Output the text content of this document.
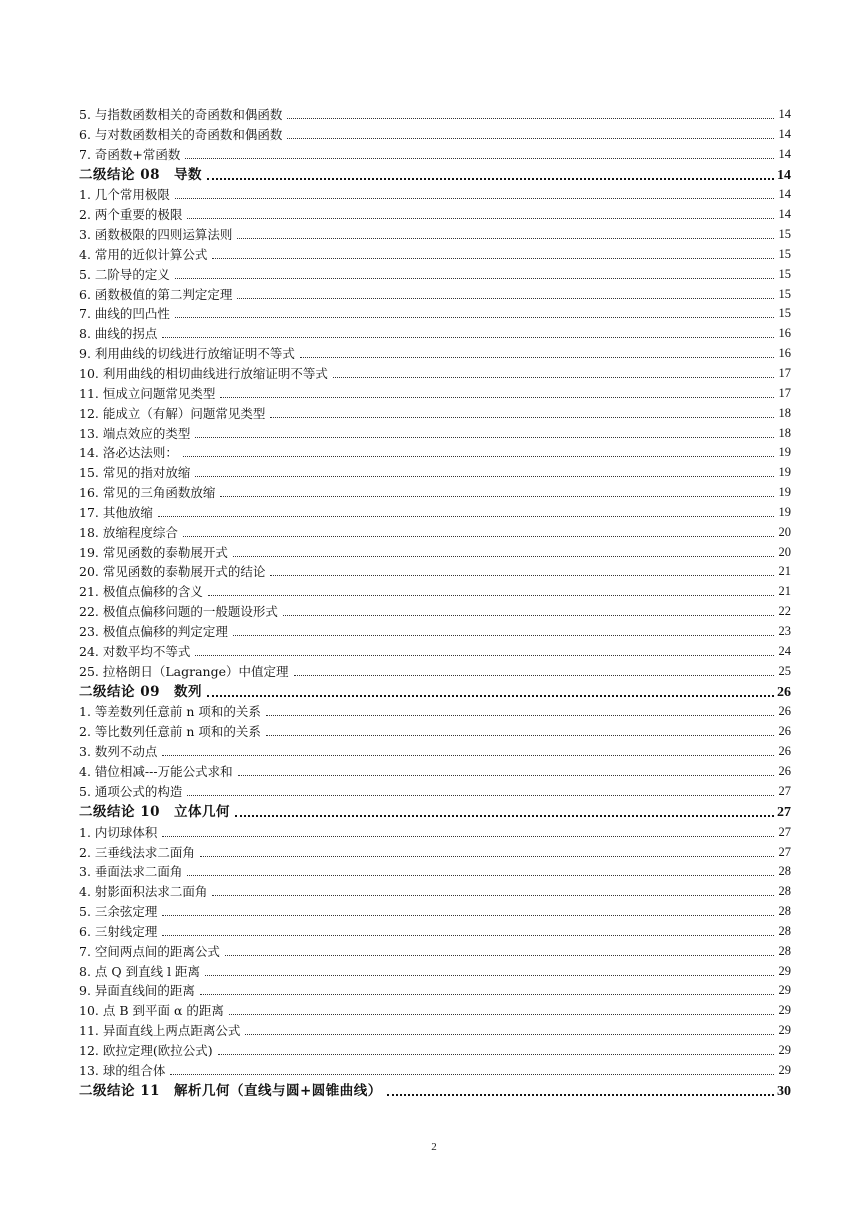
5. 与指数函数相关的奇函数和偶函数	14
6. 与对数函数相关的奇函数和偶函数	14
7. 奇函数+常函数	14
二级结论 08　导数	14
1. 几个常用极限	14
2. 两个重要的极限	14
3. 函数极限的四则运算法则	15
4. 常用的近似计算公式	15
5. 二阶导的定义	15
6. 函数极值的第二判定定理	15
7. 曲线的凹凸性	15
8. 曲线的拐点	16
9. 利用曲线的切线进行放缩证明不等式	16
10. 利用曲线的相切曲线进行放缩证明不等式	17
11. 恒成立问题常见类型	17
12. 能成立（有解）问题常见类型	18
13. 端点效应的类型	18
14. 洛必达法则：	19
15. 常见的指对放缩	19
16. 常见的三角函数放缩	19
17. 其他放缩	19
18. 放缩程度综合	20
19. 常见函数的泰勒展开式	20
20. 常见函数的泰勒展开式的结论	21
21. 极值点偏移的含义	21
22. 极值点偏移问题的一般题设形式	22
23. 极值点偏移的判定定理	23
24. 对数平均不等式	24
25. 拉格朗日（Lagrange）中值定理	25
二级结论 09　数列	26
1. 等差数列任意前 n 项和的关系	26
2. 等比数列任意前 n 项和的关系	26
3. 数列不动点	26
4. 错位相减---万能公式求和	26
5. 通项公式的构造	27
二级结论 10　立体几何	27
1. 内切球体积	27
2. 三垂线法求二面角	27
3. 垂面法求二面角	28
4. 射影面积法求二面角	28
5. 三余弦定理	28
6. 三射线定理	28
7. 空间两点间的距离公式	28
8. 点 Q 到直线 l 距离	29
9. 异面直线间的距离	29
10. 点 B 到平面 α 的距离	29
11. 异面直线上两点距离公式	29
12. 欧拉定理(欧拉公式)	29
13. 球的组合体	29
二级结论 11　解析几何（直线与圆+圆锥曲线）	30
2
